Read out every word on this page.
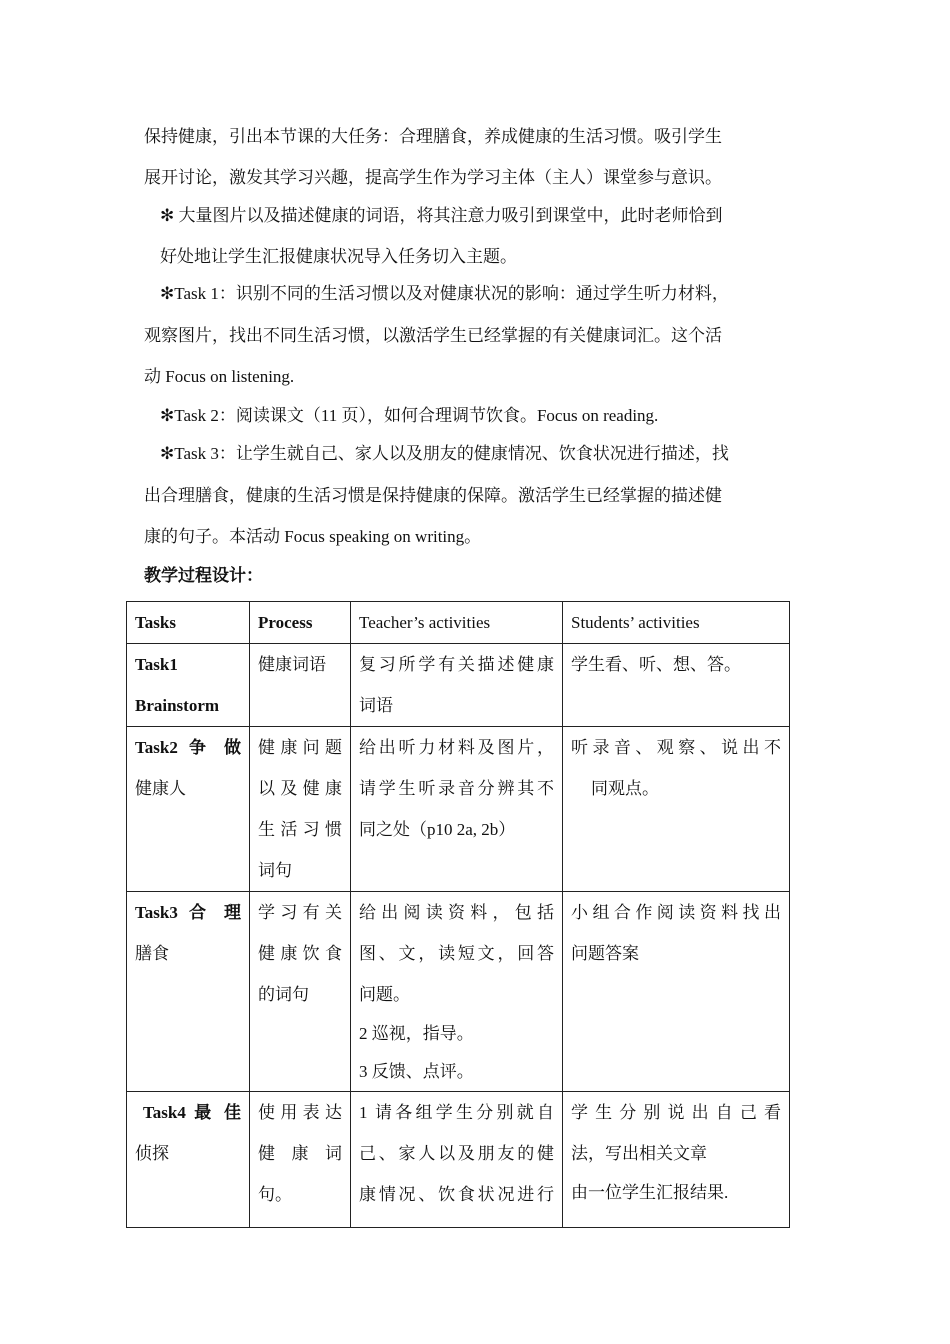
保持健康，引出本节课的大任务：合理膳食，养成健康的生活习惯。吸引学生

展开讨论，激发其学习兴趣，提高学生作为学习主体（主人）课堂参与意识。

✻ 大量图片以及描述健康的词语，将其注意力吸引到课堂中，此时老师恰到

好处地让学生汇报健康状况导入任务切入主题。

✻Task 1：识别不同的生活习惯以及对健康状况的影响：通过学生听力材料，

观察图片，找出不同生活习惯，以激活学生已经掌握的有关健康词汇。这个活

动 Focus on listening.

✻Task 2：阅读课文（11 页），如何合理调节饮食。Focus on reading.

✻Task 3：让学生就自己、家人以及朋友的健康情况、饮食状况进行描述，找

出合理膳食，健康的生活习惯是保持健康的保障。激活学生已经掌握的描述健

康的句子。本活动 Focus speaking on writing。

教学过程设计：

Tasks	Process	Teacher’s activities	Students’ activities

Task1
Brainstorm	健康词语	复习所学有关描述健康
词语	学生看、听、想、答。

Task2 争 做
健康人	健康问题
以及健康
生活习惯
词句	给出听力材料及图片，
请学生听录音分辨其不
同之处（p10 2a, 2b）	听录音、观察、说出不
同观点。

Task3 合 理
膳食	学习有关
健康饮食
的词句	给出阅读资料，包括
图、文，读短文，回答
问题。
2 巡视，指导。
3 反馈、点评。	小组合作阅读资料找出
问题答案

Task4 最 佳
侦探	使用表达
健 康 词
句。	1 请各组学生分别就自
己、家人以及朋友的健
康情况、饮食状况进行	学 生 分 别 说 出 自 己 看
法，写出相关文章
由一位学生汇报结果.
